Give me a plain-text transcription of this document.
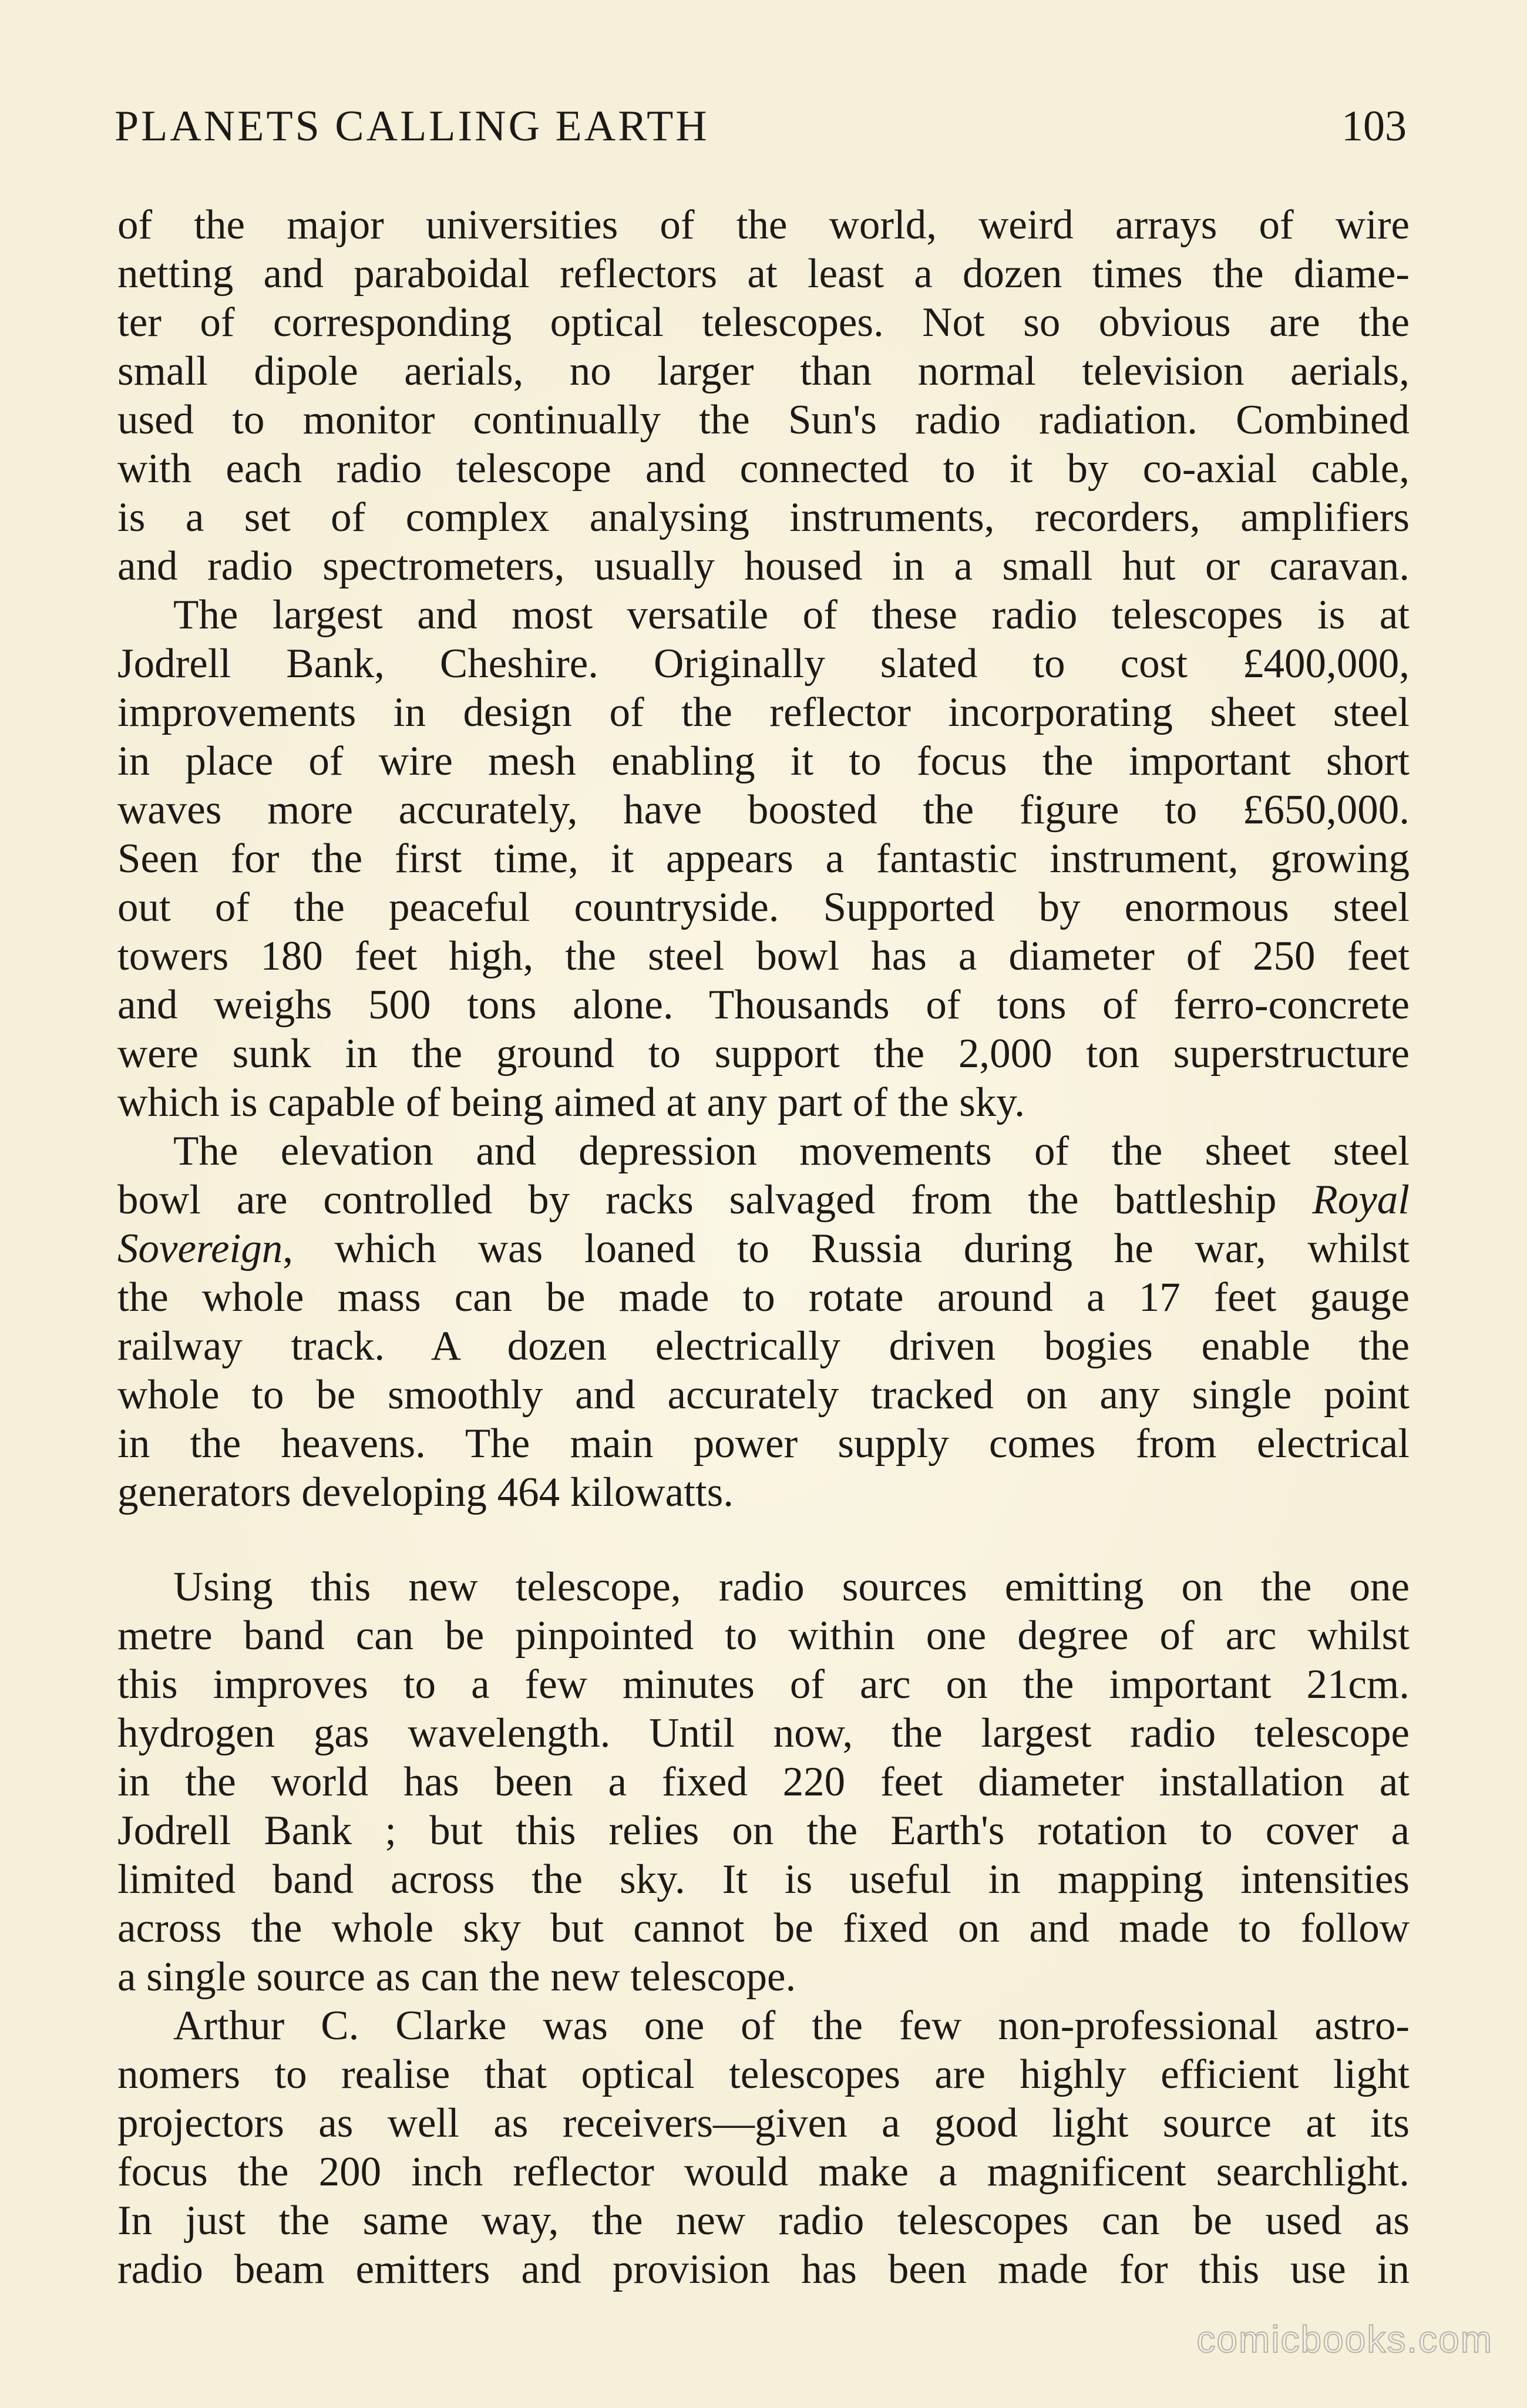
PLANETS CALLING EARTH	103
of the major universities of the world, weird arrays of wire
netting and paraboidal reflectors at least a dozen times the diame-
ter of corresponding optical telescopes. Not so obvious are the
small dipole aerials, no larger than normal television aerials,
used to monitor continually the Sun's radio radiation. Combined
with each radio telescope and connected to it by co-axial cable,
is a set of complex analysing instruments, recorders, amplifiers
and radio spectrometers, usually housed in a small hut or caravan.
The largest and most versatile of these radio telescopes is at
Jodrell Bank, Cheshire. Originally slated to cost £400,000,
improvements in design of the reflector incorporating sheet steel
in place of wire mesh enabling it to focus the important short
waves more accurately, have boosted the figure to £650,000.
Seen for the first time, it appears a fantastic instrument, growing
out of the peaceful countryside. Supported by enormous steel
towers 180 feet high, the steel bowl has a diameter of 250 feet
and weighs 500 tons alone. Thousands of tons of ferro-concrete
were sunk in the ground to support the 2,000 ton superstructure
which is capable of being aimed at any part of the sky.
The elevation and depression movements of the sheet steel
bowl are controlled by racks salvaged from the battleship Royal
Sovereign, which was loaned to Russia during he war, whilst
the whole mass can be made to rotate around a 17 feet gauge
railway track. A dozen electrically driven bogies enable the
whole to be smoothly and accurately tracked on any single point
in the heavens. The main power supply comes from electrical
generators developing 464 kilowatts.
Using this new telescope, radio sources emitting on the one
metre band can be pinpointed to within one degree of arc whilst
this improves to a few minutes of arc on the important 21cm.
hydrogen gas wavelength. Until now, the largest radio telescope
in the world has been a fixed 220 feet diameter installation at
Jodrell Bank ; but this relies on the Earth's rotation to cover a
limited band across the sky. It is useful in mapping intensities
across the whole sky but cannot be fixed on and made to follow
a single source as can the new telescope.
Arthur C. Clarke was one of the few non-professional astro-
nomers to realise that optical telescopes are highly efficient light
projectors as well as receivers—given a good light source at its
focus the 200 inch reflector would make a magnificent searchlight.
In just the same way, the new radio telescopes can be used as
radio beam emitters and provision has been made for this use in
comicbooks.com
